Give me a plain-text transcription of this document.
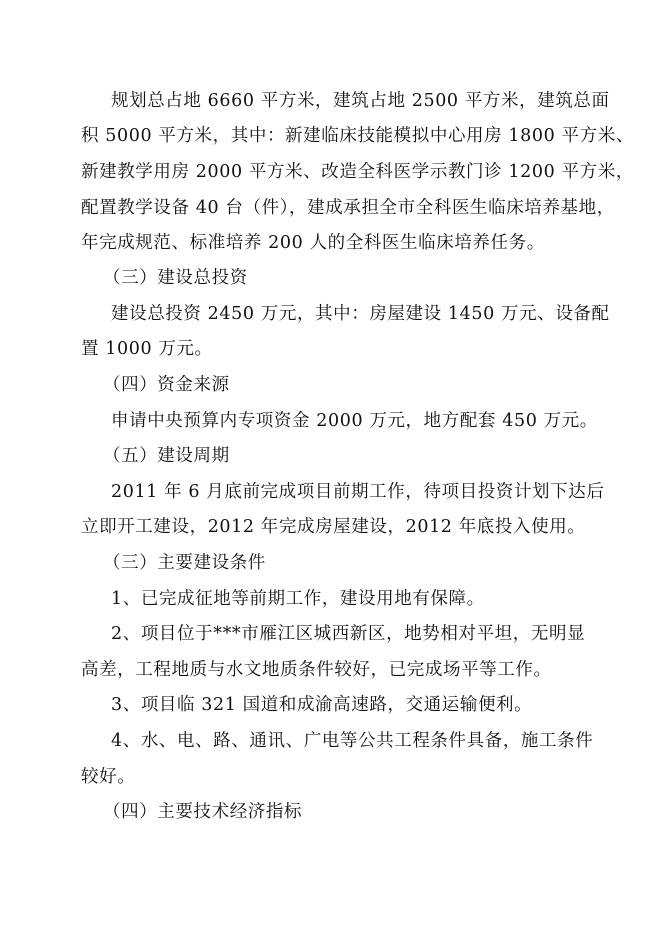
规划总占地 6660 平方米，建筑占地 2500 平方米，建筑总面
积 5000 平方米，其中：新建临床技能模拟中心用房 1800 平方米、
新建教学用房 2000 平方米、改造全科医学示教门诊 1200 平方米，
配置教学设备 40 台（件），建成承担全市全科医生临床培养基地，
年完成规范、标准培养 200 人的全科医生临床培养任务。
（三）建设总投资
建设总投资 2450 万元，其中：房屋建设 1450 万元、设备配
置 1000 万元。
（四）资金来源
申请中央预算内专项资金 2000 万元，地方配套 450 万元。
（五）建设周期
2011 年 6 月底前完成项目前期工作，待项目投资计划下达后
立即开工建设，2012 年完成房屋建设，2012 年底投入使用。
（三）主要建设条件
1、已完成征地等前期工作，建设用地有保障。
2、项目位于***市雁江区城西新区，地势相对平坦，无明显
高差，工程地质与水文地质条件较好，已完成场平等工作。
3、项目临 321 国道和成渝高速路，交通运输便利。
4、水、电、路、通讯、广电等公共工程条件具备，施工条件
较好。
（四）主要技术经济指标
